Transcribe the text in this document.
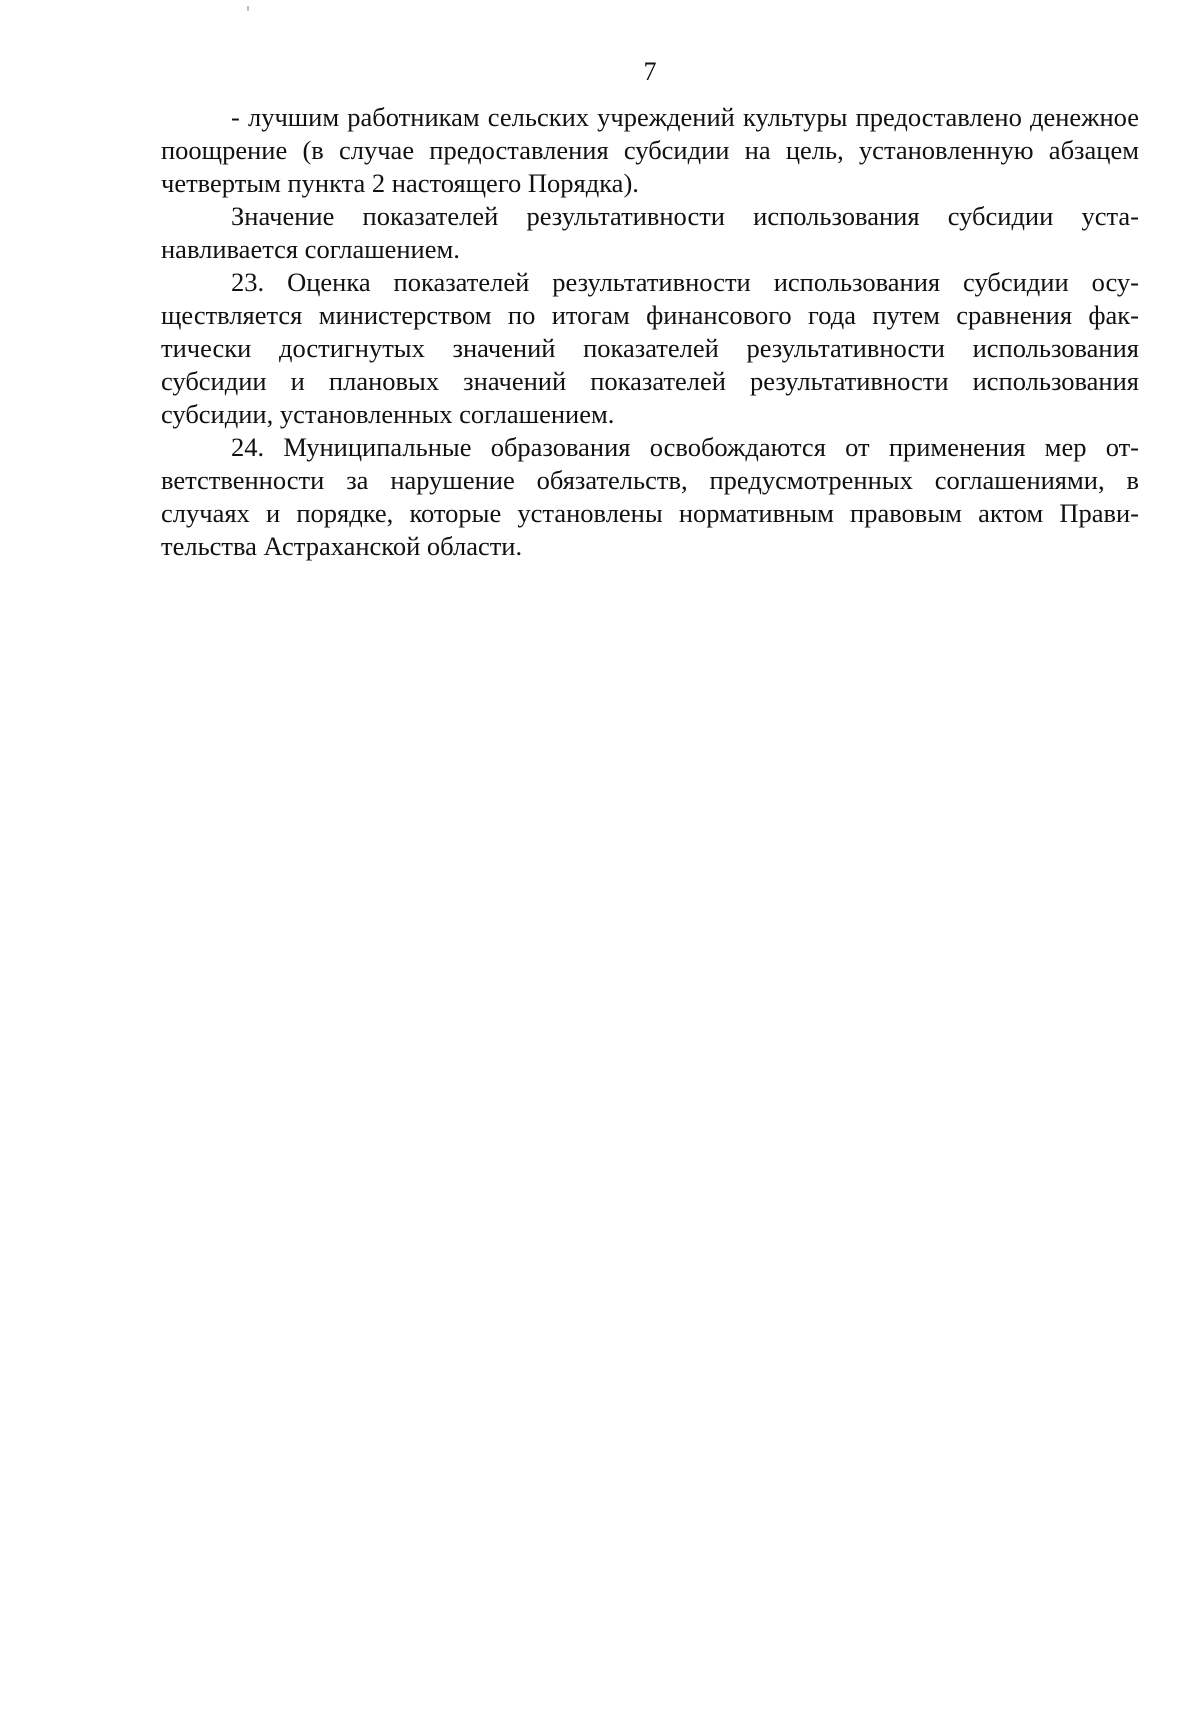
7

- лучшим работникам сельских учреждений культуры предоставлено денежное поощрение (в случае предоставления субсидии на цель, установленную абзацем четвертым пункта 2 настоящего Порядка).

Значение показателей результативности использования субсидии устанавливается соглашением.

23. Оценка показателей результативности использования субсидии осуществляется министерством по итогам финансового года путем сравнения фактически достигнутых значений показателей результативности использования субсидии и плановых значений показателей результативности использования субсидии, установленных соглашением.

24. Муниципальные образования освобождаются от применения мер ответственности за нарушение обязательств, предусмотренных соглашениями, в случаях и порядке, которые установлены нормативным правовым актом Правительства Астраханской области.
